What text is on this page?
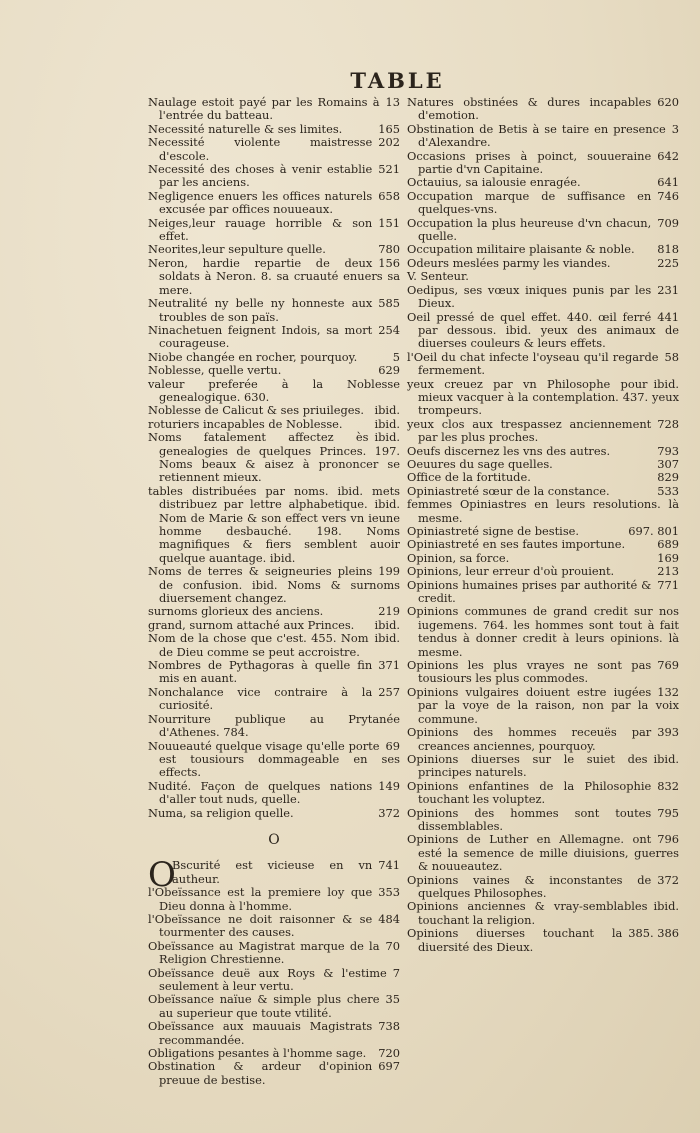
TABLE

13
Naulage estoit payé par les Romains à l'entrée du batteau.

165
Necessité naturelle & ses limites.

202
Necessité violente maistresse d'escole.

521
Necessité des choses à venir establie par les anciens.

658
Negligence enuers les offices naturels excusée par offices nouueaux.

151
Neiges,leur rauage horrible & son effet.

780
Neorites,leur sepulture quelle.

156
Neron, hardie repartie de deux soldats à Neron. 8. sa cruauté enuers sa mere.

585
Neutralité ny belle ny honneste aux troubles de son païs.

254
Ninachetuen feignent Indois, sa mort courageuse.

5
Niobe changée en rocher, pourquoy.

629
Noblesse, quelle vertu.

valeur preferée à la Noblesse genealogique. 630.

ibid.
Noblesse de Calicut & ses priuileges.

ibid.
roturiers incapables de Noblesse.

ibid.
Noms fatalement affectez ès genealogies de quelques Princes. 197. Noms beaux & aisez à prononcer se retiennent mieux.

tables distribuées par noms. ibid. mets distribuez par lettre alphabetique. ibid. Nom de Marie & son effect vers vn ieune homme desbauché. 198. Noms magnifiques & fiers semblent auoir quelque auantage. ibid.

199
Noms de terres & seigneuries pleins de confusion. ibid. Noms & surnoms diuersement changez.

219
surnoms glorieux des anciens.

ibid.
grand, surnom attaché aux Princes.

ibid.
Nom de la chose que c'est. 455. Nom de Dieu comme se peut accroistre.

371
Nombres de Pythagoras à quelle fin mis en auant.

257
Nonchalance vice contraire à la curiosité.

Nourriture publique au Prytanée d'Athenes. 784.

69
Nouueauté quelque visage qu'elle porte est tousiours dommageable en ses effects.

149
Nudité. Façon de quelques nations d'aller tout nuds, quelle.

372
Numa, sa religion quelle.

O

O	741
Bscurité est vicieuse en vn autheur.

353
l'Obeïssance est la premiere loy que Dieu donna à l'homme.

484
l'Obeïssance ne doit raisonner & se tourmenter des causes.

70
Obeïssance au Magistrat marque de la Religion Chrestienne.

7
Obeïssance deuë aux Roys & l'estime seulement à leur vertu.

35
Obeïssance naïue & simple plus chere au superieur que toute vtilité.

738
Obeïssance aux mauuais Magistrats recommandée.

720
Obligations pesantes à l'homme sage.

697
Obstination & ardeur d'opinion preuue de bestise.

620
Natures obstinées & dures incapables d'emotion.

3
Obstination de Betis à se taire en presence d'Alexandre.

642
Occasions prises à poinct, souueraine partie d'vn Capitaine.

641
Octauius, sa ialousie enragée.

746
Occupation marque de suffisance en quelques-vns.

709
Occupation la plus heureuse d'vn chacun, quelle.

818
Occupation militaire plaisante & noble.

225
Odeurs meslées parmy les viandes.

V. Senteur.

231
Oedipus, ses vœux iniques punis par les Dieux.

441
Oeil pressé de quel effet. 440. œil ferré par dessous. ibid. yeux des animaux de diuerses couleurs & leurs effets.

58
l'Oeil du chat infecte l'oyseau qu'il regarde fermement.

ibid.
yeux creuez par vn Philosophe pour mieux vacquer à la contemplation. 437. yeux trompeurs.

728
yeux clos aux trespassez anciennement par les plus proches.

793
Oeufs discernez les vns des autres.

307
Oeuures du sage quelles.

829
Office de la fortitude.

533
Opiniastreté sœur de la constance.

femmes Opiniastres en leurs resolutions. là mesme.

697. 801
Opiniastreté signe de bestise.

689
Opiniastreté en ses fautes importune.

169
Opinion, sa force.

213
Opinions, leur erreur d'où prouient.

771
Opinions humaines prises par authorité & credit.

Opinions communes de grand credit sur nos iugemens. 764. les hommes sont tout à fait tendus à donner credit à leurs opinions. là mesme.

769
Opinions les plus vrayes ne sont pas tousiours les plus commodes.

132
Opinions vulgaires doiuent estre iugées par la voye de la raison, non par la voix commune.

393
Opinions des hommes receuës par creances anciennes, pourquoy.

ibid.
Opinions diuerses sur le suiet des principes naturels.

832
Opinions enfantines de la Philosophie touchant les voluptez.

795
Opinions des hommes sont toutes dissemblables.

796
Opinions de Luther en Allemagne. ont esté la semence de mille diuisions, guerres & nouueautez.

372
Opinions vaines & inconstantes de quelques Philosophes.

ibid.
Opinions anciennes & vray-semblables touchant la religion.

385. 386
Opinions diuerses touchant la diuersité des Dieux.
